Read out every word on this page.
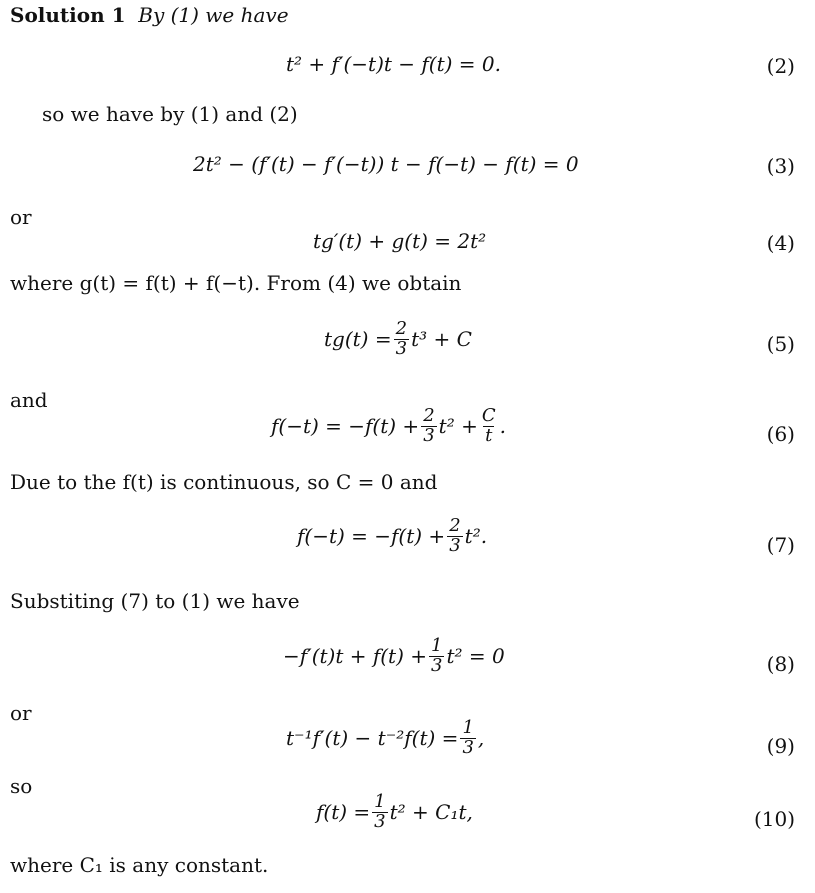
Solution 1 By (1) we have
t² + f′(−t)t − f(t) = 0.	(2)
so we have by (1) and (2)
2t² − (f′(t) − f′(−t)) t − f(−t) − f(t) = 0	(3)
or
tg′(t) + g(t) = 2t²	(4)
where g(t) = f(t) + f(−t). From (4) we obtain
$tg(t) = \frac{2}{3} t^3 + C$	(5)
and
$f(-t) = -f(t) + \frac{2}{3} t^2 + \frac{C}{t}$ .	(6)
Due to the f(t) is continuous, so C = 0 and
$f(-t) = -f(t) + \frac{2}{3} t^2$.	(7)
Substiting (7) to (1) we have
$-f'(t)t + f(t) + \frac{1}{3} t^2 = 0$	(8)
or
$t^{-1}f'(t) - t^{-2}f(t) = \frac{1}{3}$ ,	(9)
so
$f(t) = \frac{1}{3} t^2 + C_1t$,	(10)
where C₁ is any constant.
